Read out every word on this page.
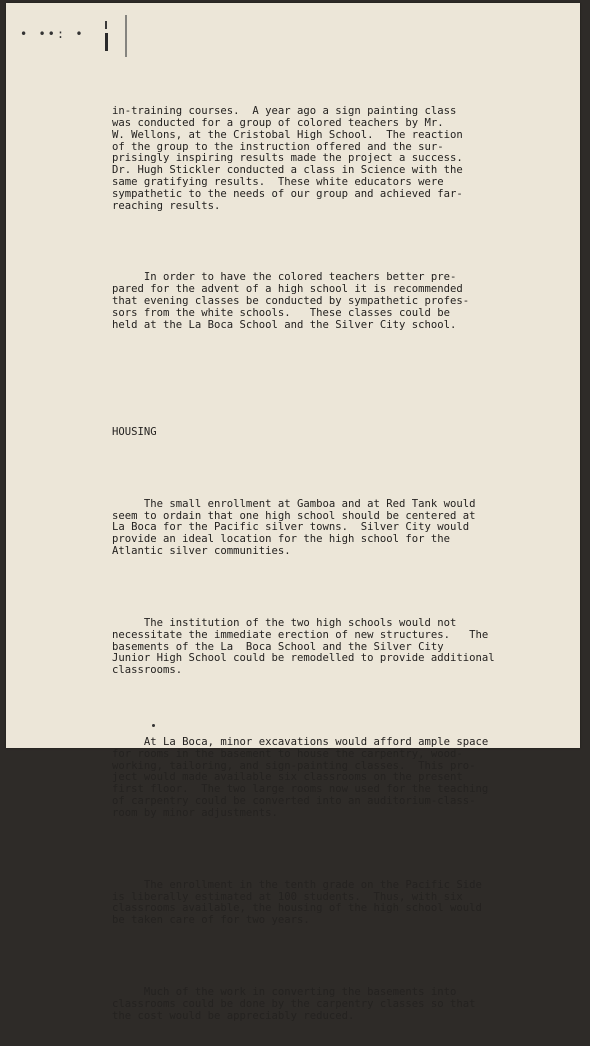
• ••: •

in-training courses.  A year ago a sign painting class
was conducted for a group of colored teachers by Mr.
W. Wellons, at the Cristobal High School.  The reaction
of the group to the instruction offered and the sur-
prisingly inspiring results made the project a success.
Dr. Hugh Stickler conducted a class in Science with the
same gratifying results.  These white educators were
sympathetic to the needs of our group and achieved far-
reaching results.

In order to have the colored teachers better pre-
pared for the advent of a high school it is recommended
that evening classes be conducted by sympathetic profes-
sors from the white schools.   These classes could be
held at the La Boca School and the Silver City school.

HOUSING

The small enrollment at Gamboa and at Red Tank would
seem to ordain that one high school should be centered at
La Boca for the Pacific silver towns.  Silver City would
provide an ideal location for the high school for the
Atlantic silver communities.

The institution of the two high schools would not
necessitate the immediate erection of new structures.   The
basements of the La  Boca School and the Silver City
Junior High School could be remodelled to provide additional
classrooms.

At La Boca, minor excavations would afford ample space
for rooms in the basement to house the carpentry, wood-
working, tailoring, and sign-painting classes.  This pro-
ject would made available six classrooms on the present
first floor.  The two large rooms now used for the teaching
of carpentry could be converted into an auditorium-class-
room by minor adjustments.

The enrollment in the tenth grade on the Pacific Side
is liberally estimated at 100 students.  Thus, with six
classrooms available, the housing of the high school would
be taken care of for two years.

Much of the work in converting the basements into
classrooms could be done by the carpentry classes so that
the cost would be appreciably reduced.
